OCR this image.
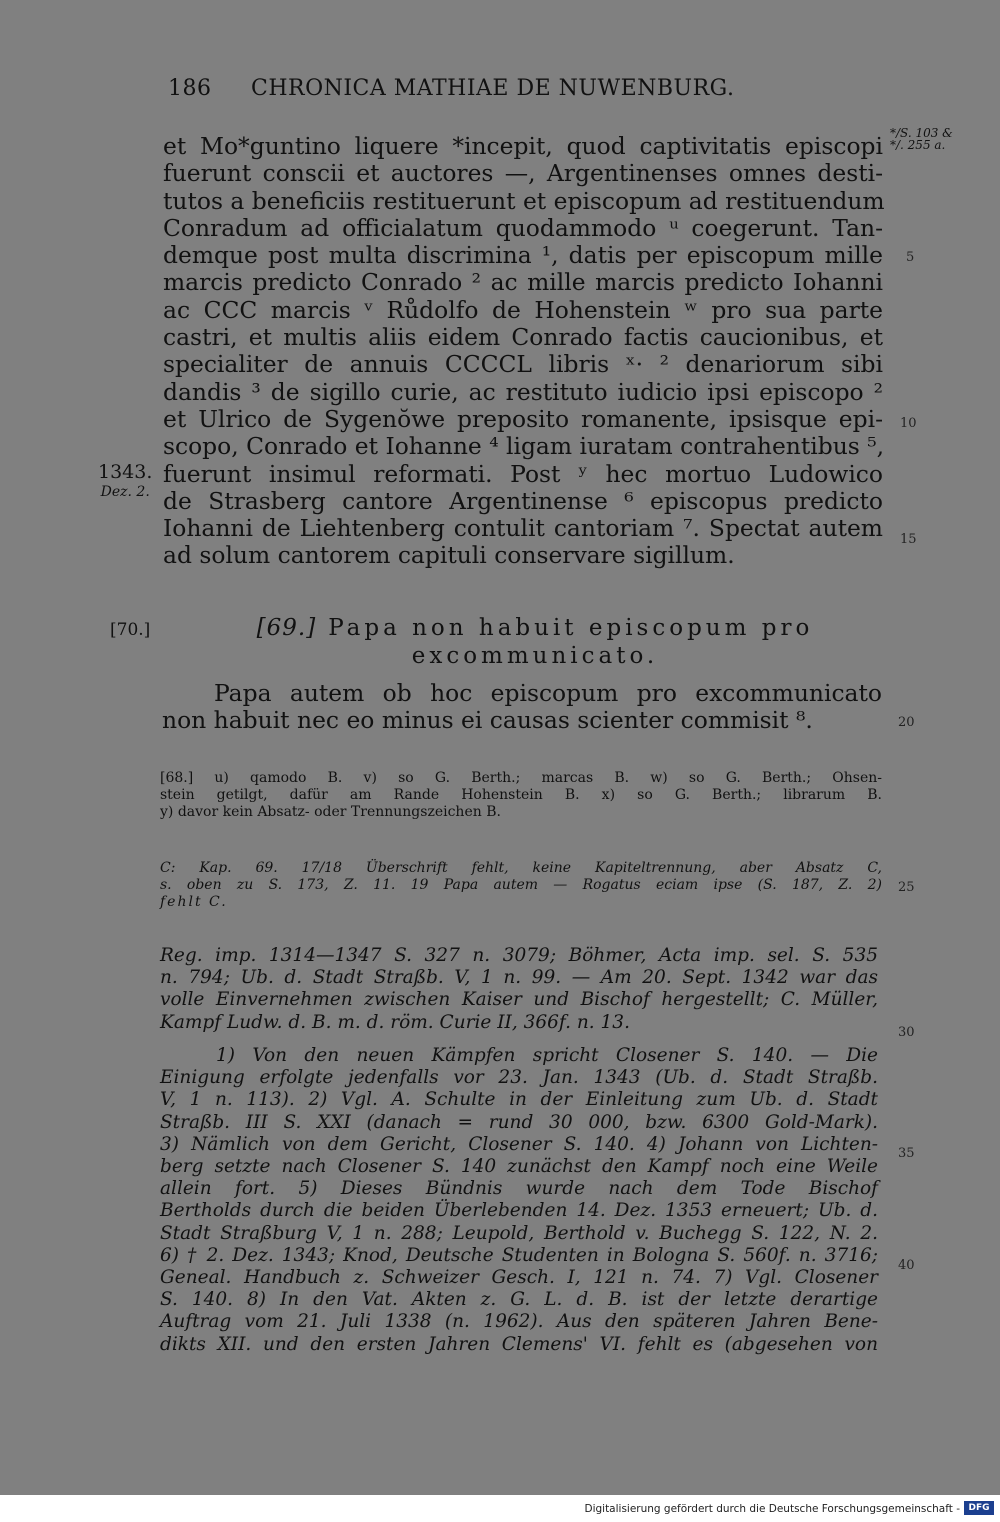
186 CHRONICA MATHIAE DE NUWENBURG.
*/S. 103 &
*/. 255 a.
et Mo*guntino liquere *incepit, quod captivitatis episcopi
fuerunt conscii et auctores —, Argentinenses omnes desti-
tutos a beneficiis restituerunt et episcopum ad restituendum
Conradum ad officialatum quodammodo ᵘ coegerunt. Tan-
demque post multa discrimina ¹, datis per episcopum mille
marcis predicto Conrado ² ac mille marcis predicto Iohanni
ac CCC marcis ᵛ Růdolfo de Hohenstein ʷ pro sua parte
castri, et multis aliis eidem Conrado factis caucionibus, et
specialiter de annuis CCCCL libris ˣ· ² denariorum sibi
dandis ³ de sigillo curie, ac restituto iudicio ipsi episcopo ²
et Ulrico de Sygenŏwe preposito romanente, ipsisque epi-
scopo, Conrado et Iohanne ⁴ ligam iuratam contrahentibus ⁵,
fuerunt insimul reformati. Post ʸ hec mortuo Ludowico
de Strasberg cantore Argentinense ⁶ episcopus predicto
Iohanni de Liehtenberg contulit cantoriam ⁷. Spectat autem
ad solum cantorem capituli conservare sigillum.
5
10
15
20
25
30
35
40
1343.
Dez. 2.
[70.]	[69.] Papa non habuit episcopum pro
excommunicato.
Papa autem ob hoc episcopum pro excommunicato
non habuit nec eo minus ei causas scienter commisit ⁸.
[68.] u) qamodo B. v) so G. Berth.; marcas B. w) so G. Berth.; Ohsen-
stein getilgt, dafür am Rande Hohenstein B. x) so G. Berth.; librarum B.
y) davor kein Absatz- oder Trennungszeichen B.
C: Kap. 69. 17/18 Überschrift fehlt, keine Kapiteltrennung, aber Absatz C,
s. oben zu S. 173, Z. 11. 19 Papa autem — Rogatus eciam ipse (S. 187, Z. 2)
fehlt C.
Reg. imp. 1314—1347 S. 327 n. 3079; Böhmer, Acta imp. sel. S. 535
n. 794; Ub. d. Stadt Straßb. V, 1 n. 99. — Am 20. Sept. 1342 war das
volle Einvernehmen zwischen Kaiser und Bischof hergestellt; C. Müller,
Kampf Ludw. d. B. m. d. röm. Curie II, 366f. n. 13.
1) Von den neuen Kämpfen spricht Closener S. 140. — Die
Einigung erfolgte jedenfalls vor 23. Jan. 1343 (Ub. d. Stadt Straßb.
V, 1 n. 113). 2) Vgl. A. Schulte in der Einleitung zum Ub. d. Stadt
Straßb. III S. XXI (danach = rund 30 000, bzw. 6300 Gold-Mark).
3) Nämlich von dem Gericht, Closener S. 140. 4) Johann von Lichten-
berg setzte nach Closener S. 140 zunächst den Kampf noch eine Weile
allein fort. 5) Dieses Bündnis wurde nach dem Tode Bischof
Bertholds durch die beiden Überlebenden 14. Dez. 1353 erneuert; Ub. d.
Stadt Straßburg V, 1 n. 288; Leupold, Berthold v. Buchegg S. 122, N. 2.
6) † 2. Dez. 1343; Knod, Deutsche Studenten in Bologna S. 560f. n. 3716;
Geneal. Handbuch z. Schweizer Gesch. I, 121 n. 74. 7) Vgl. Closener
S. 140. 8) In den Vat. Akten z. G. L. d. B. ist der letzte derartige
Auftrag vom 21. Juli 1338 (n. 1962). Aus den späteren Jahren Bene-
dikts XII. und den ersten Jahren Clemens' VI. fehlt es (abgesehen von
Digitalisierung gefördert durch die Deutsche Forschungsgemeinschaft - DFG
